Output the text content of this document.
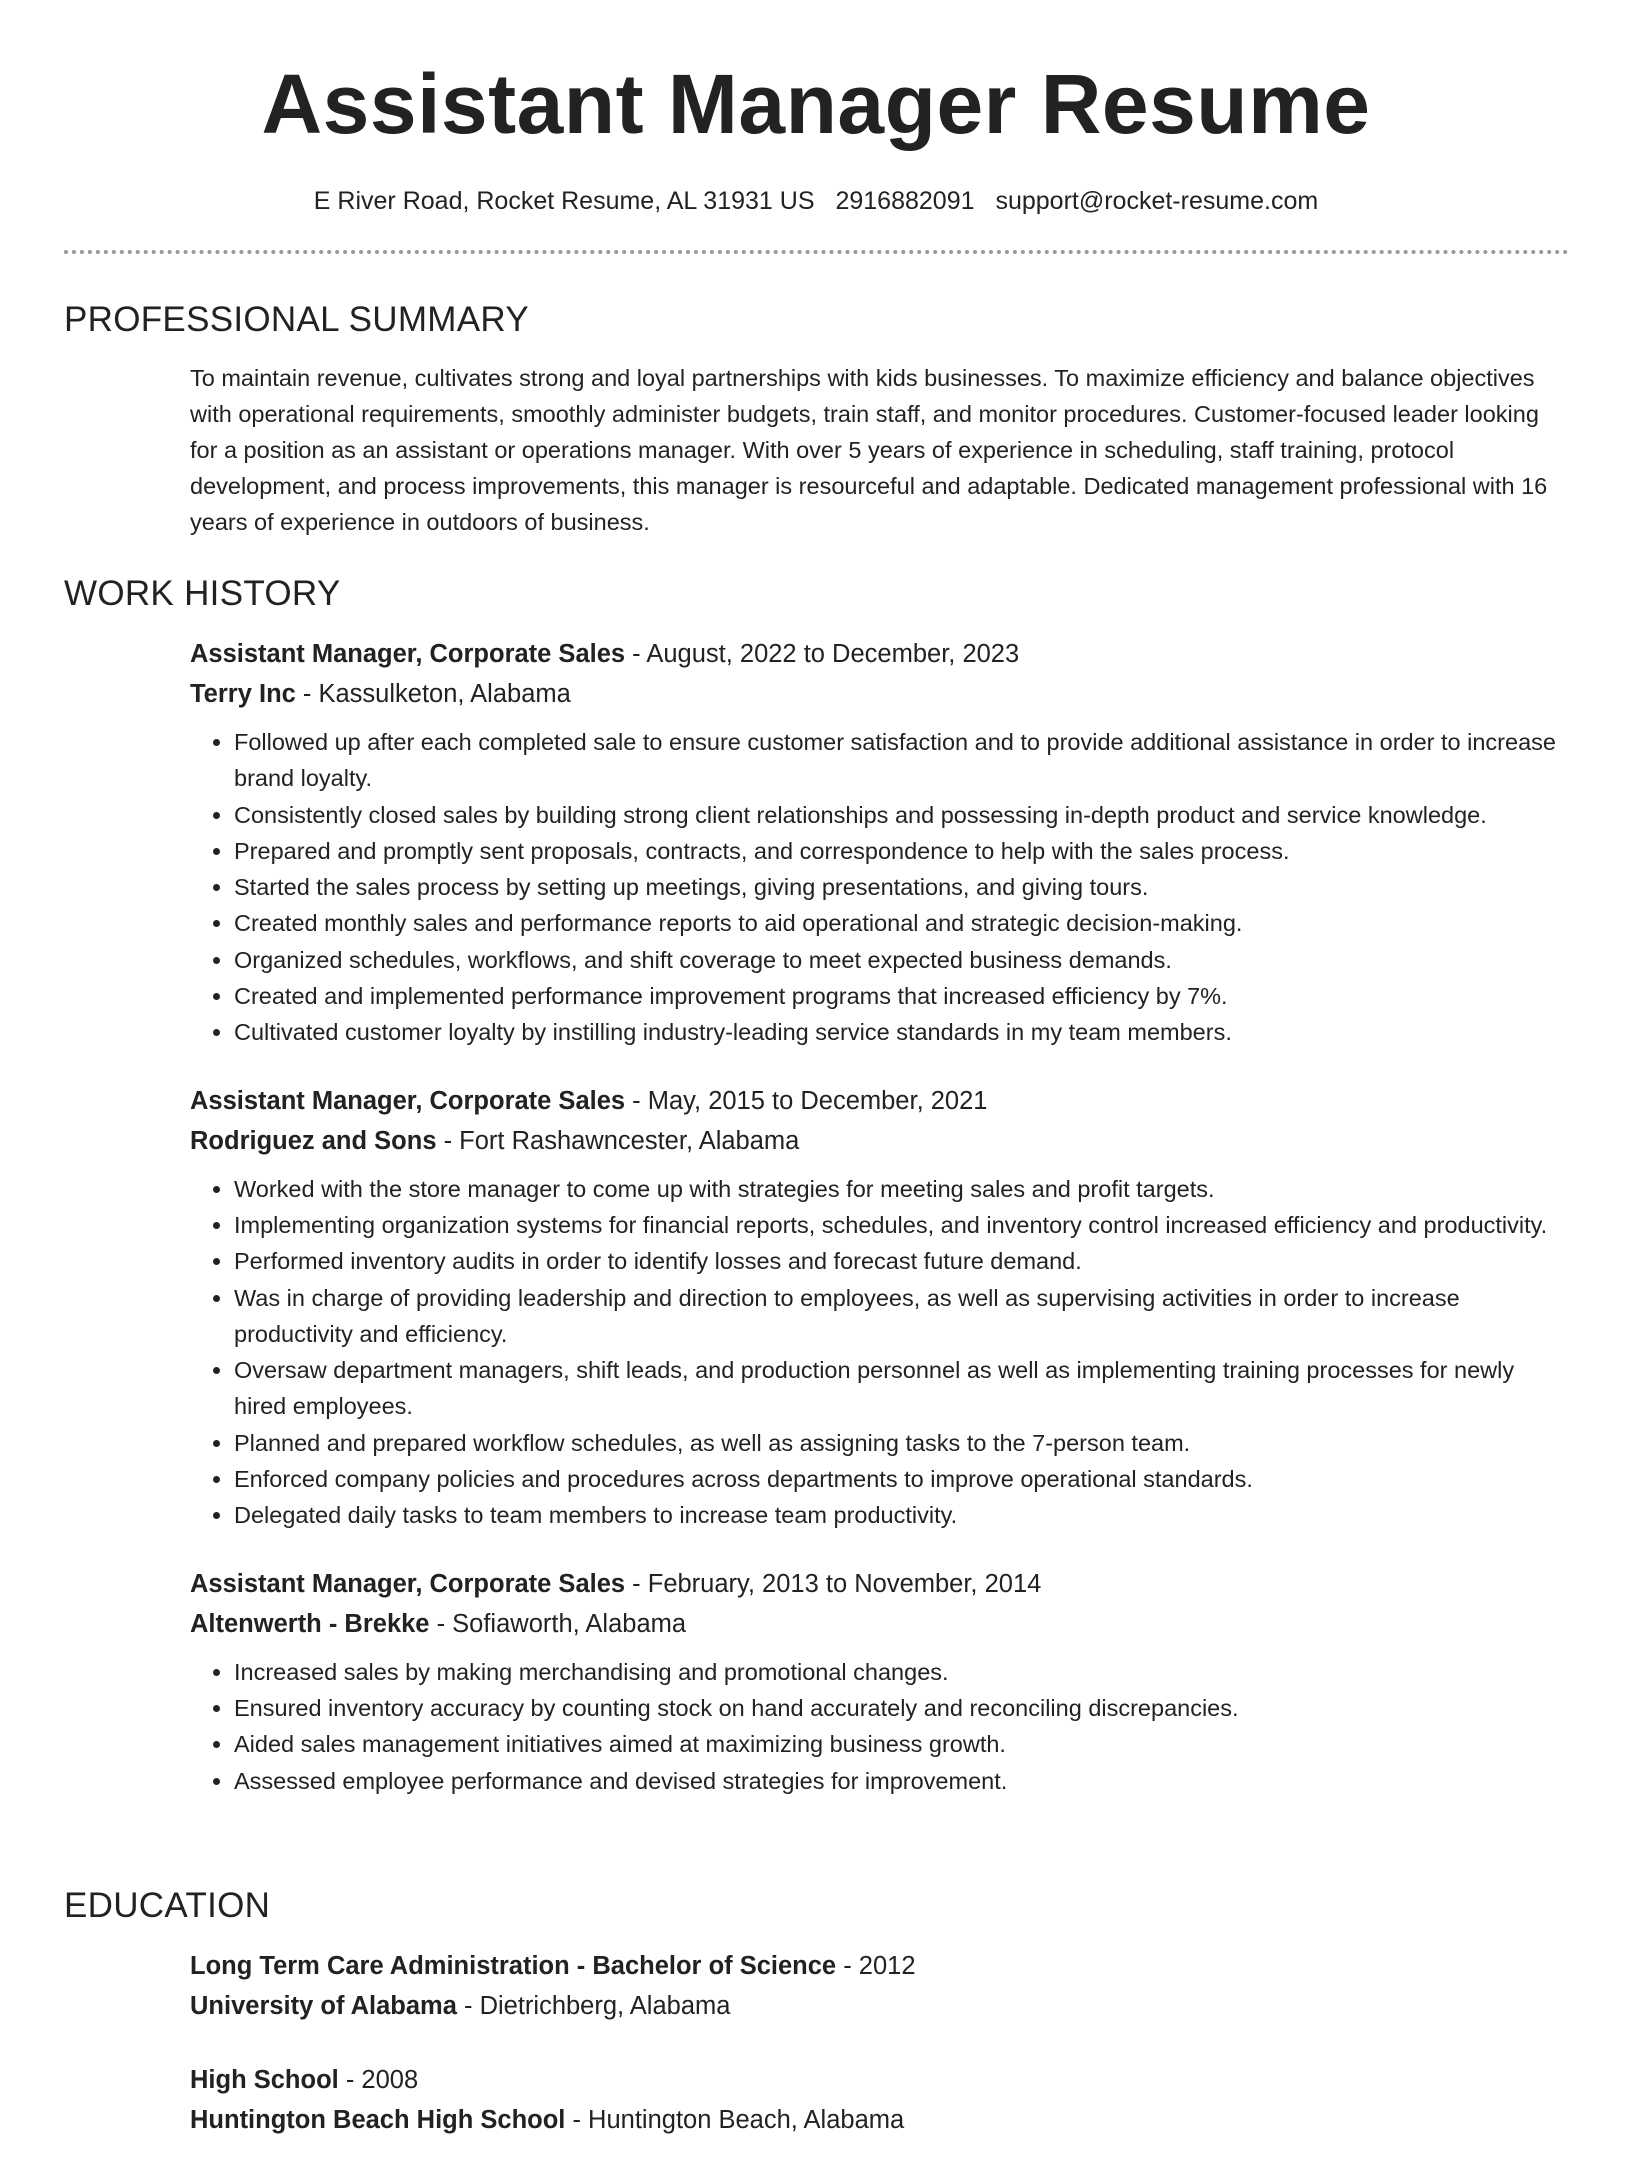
Assistant Manager Resume
E River Road, Rocket Resume, AL 31931 US 2916882091 support@rocket-resume.com
PROFESSIONAL SUMMARY

To maintain revenue, cultivates strong and loyal partnerships with kids businesses. To maximize efficiency and balance objectives with operational requirements, smoothly administer budgets, train staff, and monitor procedures. Customer-focused leader looking for a position as an assistant or operations manager. With over 5 years of experience in scheduling, staff training, protocol development, and process improvements, this manager is resourceful and adaptable. Dedicated management professional with 16 years of experience in outdoors of business.

WORK HISTORY
Assistant Manager, Corporate Sales - August, 2022 to December, 2023
Terry Inc - Kassulketon, Alabama
• Followed up after each completed sale to ensure customer satisfaction and to provide additional assistance in order to increase brand loyalty.
• Consistently closed sales by building strong client relationships and possessing in-depth product and service knowledge.
• Prepared and promptly sent proposals, contracts, and correspondence to help with the sales process.
• Started the sales process by setting up meetings, giving presentations, and giving tours.
• Created monthly sales and performance reports to aid operational and strategic decision-making.
• Organized schedules, workflows, and shift coverage to meet expected business demands.
• Created and implemented performance improvement programs that increased efficiency by 7%.
• Cultivated customer loyalty by instilling industry-leading service standards in my team members.
Assistant Manager, Corporate Sales - May, 2015 to December, 2021
Rodriguez and Sons - Fort Rashawncester, Alabama
• Worked with the store manager to come up with strategies for meeting sales and profit targets.
• Implementing organization systems for financial reports, schedules, and inventory control increased efficiency and productivity.
• Performed inventory audits in order to identify losses and forecast future demand.
• Was in charge of providing leadership and direction to employees, as well as supervising activities in order to increase productivity and efficiency.
• Oversaw department managers, shift leads, and production personnel as well as implementing training processes for newly hired employees.
• Planned and prepared workflow schedules, as well as assigning tasks to the 7-person team.
• Enforced company policies and procedures across departments to improve operational standards.
• Delegated daily tasks to team members to increase team productivity.
Assistant Manager, Corporate Sales - February, 2013 to November, 2014
Altenwerth - Brekke - Sofiaworth, Alabama
• Increased sales by making merchandising and promotional changes.
• Ensured inventory accuracy by counting stock on hand accurately and reconciling discrepancies.
• Aided sales management initiatives aimed at maximizing business growth.
• Assessed employee performance and devised strategies for improvement.
EDUCATION
Long Term Care Administration - Bachelor of Science - 2012
University of Alabama - Dietrichberg, Alabama
High School - 2008
Huntington Beach High School - Huntington Beach, Alabama
